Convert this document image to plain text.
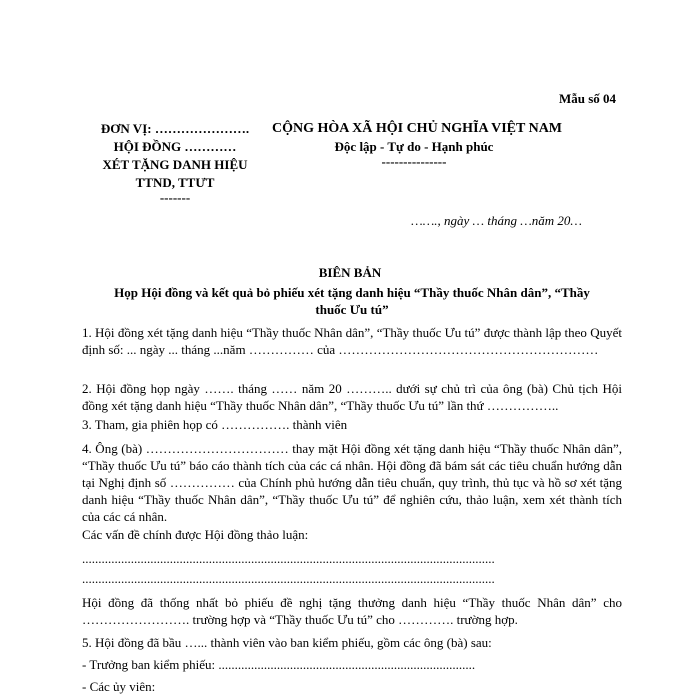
Mẫu số 04
ĐƠN VỊ: ………………….
HỘI ĐỒNG …………
XÉT TẶNG DANH HIỆU
TTND, TTƯT
-------
CỘNG HÒA XÃ HỘI CHỦ NGHĨA VIỆT NAM
Độc lập - Tự do - Hạnh phúc
---------------
……., ngày … tháng …năm 20…
BIÊN BẢN
Họp Hội đồng và kết quả bỏ phiếu xét tặng danh hiệu “Thầy thuốc Nhân dân”, “Thầy
thuốc Ưu tú”
1. Hội đồng xét tặng danh hiệu “Thầy thuốc Nhân dân”, “Thầy thuốc Ưu tú” được thành lập theo Quyết định số: ... ngày ... tháng ...năm …………… của ……………………………………………………
2. Hội đồng họp ngày ……. tháng …… năm 20 ……….. dưới sự chủ trì của ông (bà) Chủ tịch Hội đồng xét tặng danh hiệu “Thầy thuốc Nhân dân”, “Thầy thuốc Ưu tú” lần thứ ……………..
3. Tham, gia phiên họp có ……………. thành viên
4. Ông (bà) …………………………… thay mặt Hội đồng xét tặng danh hiệu “Thầy thuốc Nhân dân”, “Thầy thuốc Ưu tú” báo cáo thành tích của các cá nhân. Hội đồng đã bám sát các tiêu chuẩn hướng dẫn tại Nghị định số …………… của Chính phủ hướng dẫn tiêu chuẩn, quy trình, thủ tục và hồ sơ xét tặng danh hiệu “Thầy thuốc Nhân dân”, “Thầy thuốc Ưu tú” để nghiên cứu, thảo luận, xem xét thành tích của các cá nhân.
Các vấn đề chính được Hội đồng thảo luận:
...............................................................................................................................
...............................................................................................................................
Hội đồng đã thống nhất bỏ phiếu đề nghị tặng thưởng danh hiệu “Thầy thuốc Nhân dân” cho ……………………. trường hợp và “Thầy thuốc Ưu tú” cho …………. trường hợp.
5. Hội đồng đã bầu …... thành viên vào ban kiểm phiếu, gồm các ông (bà) sau:
- Trưởng ban kiểm phiếu: ...............................................................................
- Các ủy viên:
